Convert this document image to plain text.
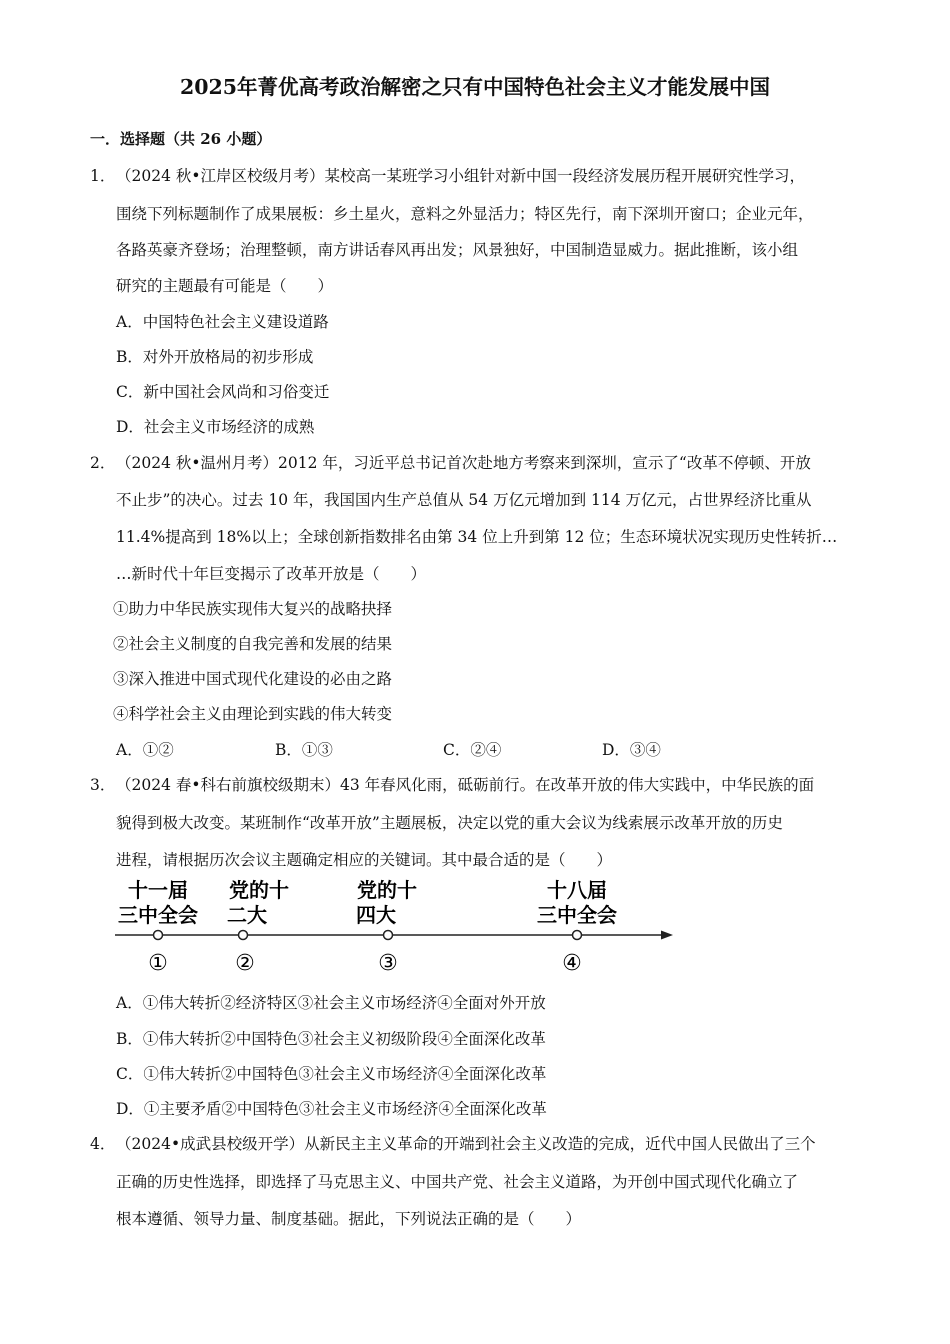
2025年菁优高考政治解密之只有中国特色社会主义才能发展中国
一．选择题（共 26 小题）
1． （2024 秋•江岸区校级月考）某校高一某班学习小组针对新中国一段经济发展历程开展研究性学习，
围绕下列标题制作了成果展板：乡土星火，意料之外显活力；特区先行，南下深圳开窗口；企业元年，
各路英豪齐登场；治理整顿，南方讲话春风再出发；风景独好，中国制造显威力。据此推断，该小组
研究的主题最有可能是（　　）
A．中国特色社会主义建设道路
B．对外开放格局的初步形成
C．新中国社会风尚和习俗变迁
D．社会主义市场经济的成熟
2． （2024 秋•温州月考）2012 年，习近平总书记首次赴地方考察来到深圳，宣示了“改革不停顿、开放
不止步”的决心。过去 10 年，我国国内生产总值从 54 万亿元增加到 114 万亿元，占世界经济比重从
11.4%提高到 18%以上；全球创新指数排名由第 34 位上升到第 12 位；生态环境状况实现历史性转折…
…新时代十年巨变揭示了改革开放是（　　）
①助力中华民族实现伟大复兴的战略抉择
②社会主义制度的自我完善和发展的结果
③深入推进中国式现代化建设的必由之路
④科学社会主义由理论到实践的伟大转变
A．①②	B．①③	C．②④	D．③④
3． （2024 春•科右前旗校级期末）43 年春风化雨，砥砺前行。在改革开放的伟大实践中，中华民族的面
貌得到极大改变。某班制作“改革开放”主题展板，决定以党的重大会议为线索展示改革开放的历史
进程，请根据历次会议主题确定相应的关键词。其中最合适的是（　　）
十一届
三中全会
党的十
二大
党的十
四大
十八届
三中全会
①	②	③	④
A．①伟大转折②经济特区③社会主义市场经济④全面对外开放
B．①伟大转折②中国特色③社会主义初级阶段④全面深化改革
C．①伟大转折②中国特色③社会主义市场经济④全面深化改革
D．①主要矛盾②中国特色③社会主义市场经济④全面深化改革
4． （2024•成武县校级开学）从新民主主义革命的开端到社会主义改造的完成，近代中国人民做出了三个
正确的历史性选择，即选择了马克思主义、中国共产党、社会主义道路，为开创中国式现代化确立了
根本遵循、领导力量、制度基础。据此，下列说法正确的是（　　）
